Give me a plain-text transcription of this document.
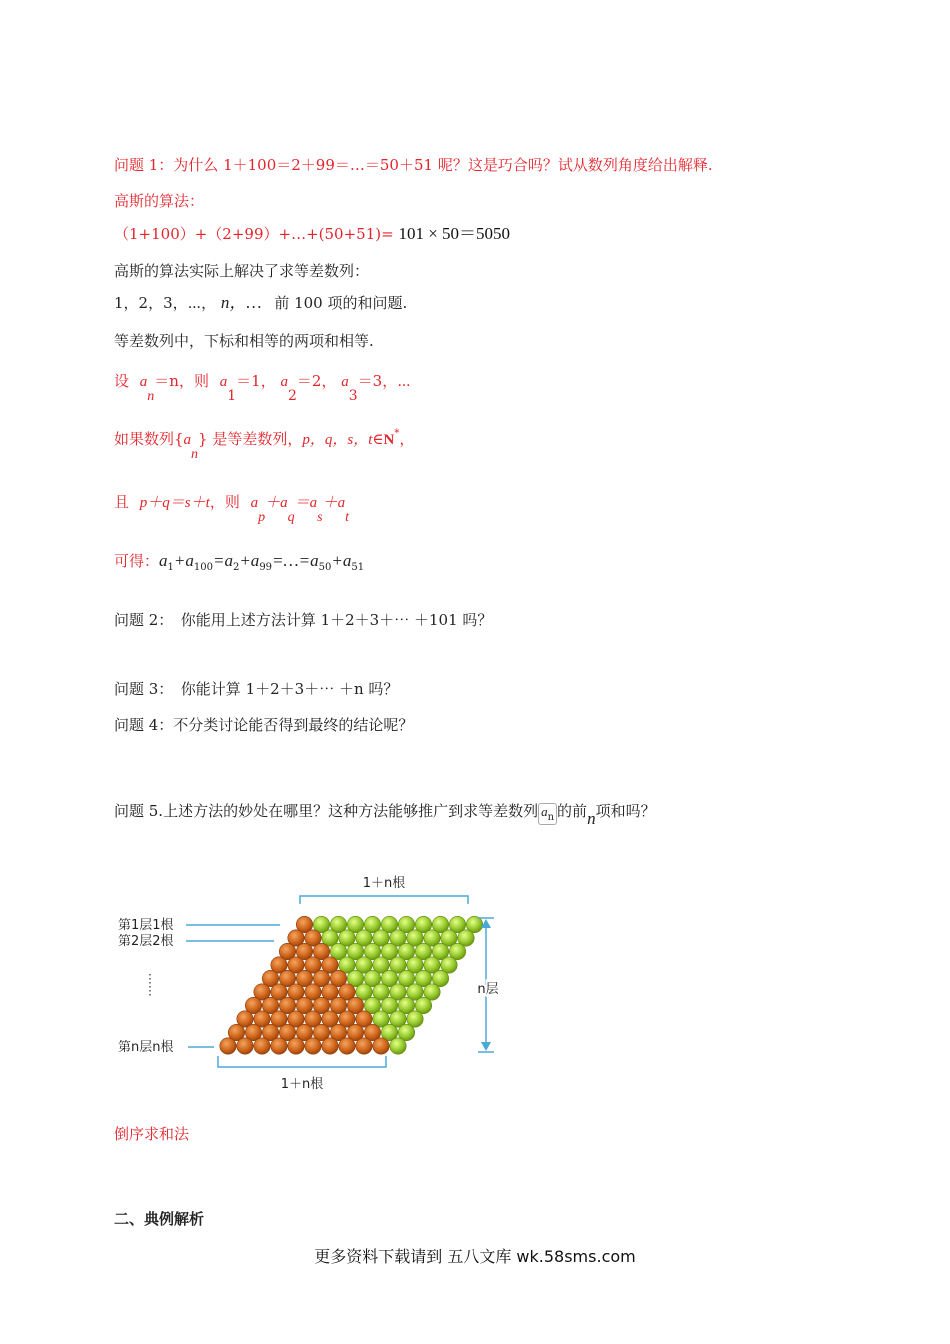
问题 1：为什么 1＋100＝2＋99＝…＝50＋51 呢？这是巧合吗？试从数列角度给出解释.
高斯的算法：
（1+100）+（2+99）+…+(50+51)= 101 × 50＝5050
高斯的算法实际上解决了求等差数列：
1，2，3，⋯， n，… 前 100 项的和问题.
等差数列中，下标和相等的两项和相等.
设 an＝n，则 a1＝1， a2＝2， a3＝3，⋯
如果数列{an} 是等差数列，p，q，s，t∈N*，
且 p＋q＝s＋t，则 ap＋aq＝as＋at
可得：$a_1+a_{100}=a_2+a_{99}=\dots=a_{50}+a_{51}$
问题 2：　你能用上述方法计算 1＋2＋3＋⋯ ＋101 吗？
问题 3：　你能计算 1＋2＋3＋⋯ ＋n 吗？
问题 4：不分类讨论能否得到最终的结论呢？
问题 5.上述方法的妙处在哪里？这种方法能够推广到求等差数列 $a_n$ 的前n项和吗？
1＋n根
1＋n根
n层
第1层1根
第2层2根
第n层n根
倒序求和法
二、典例解析
更多资料下载请到 五八文库 wk.58sms.com
